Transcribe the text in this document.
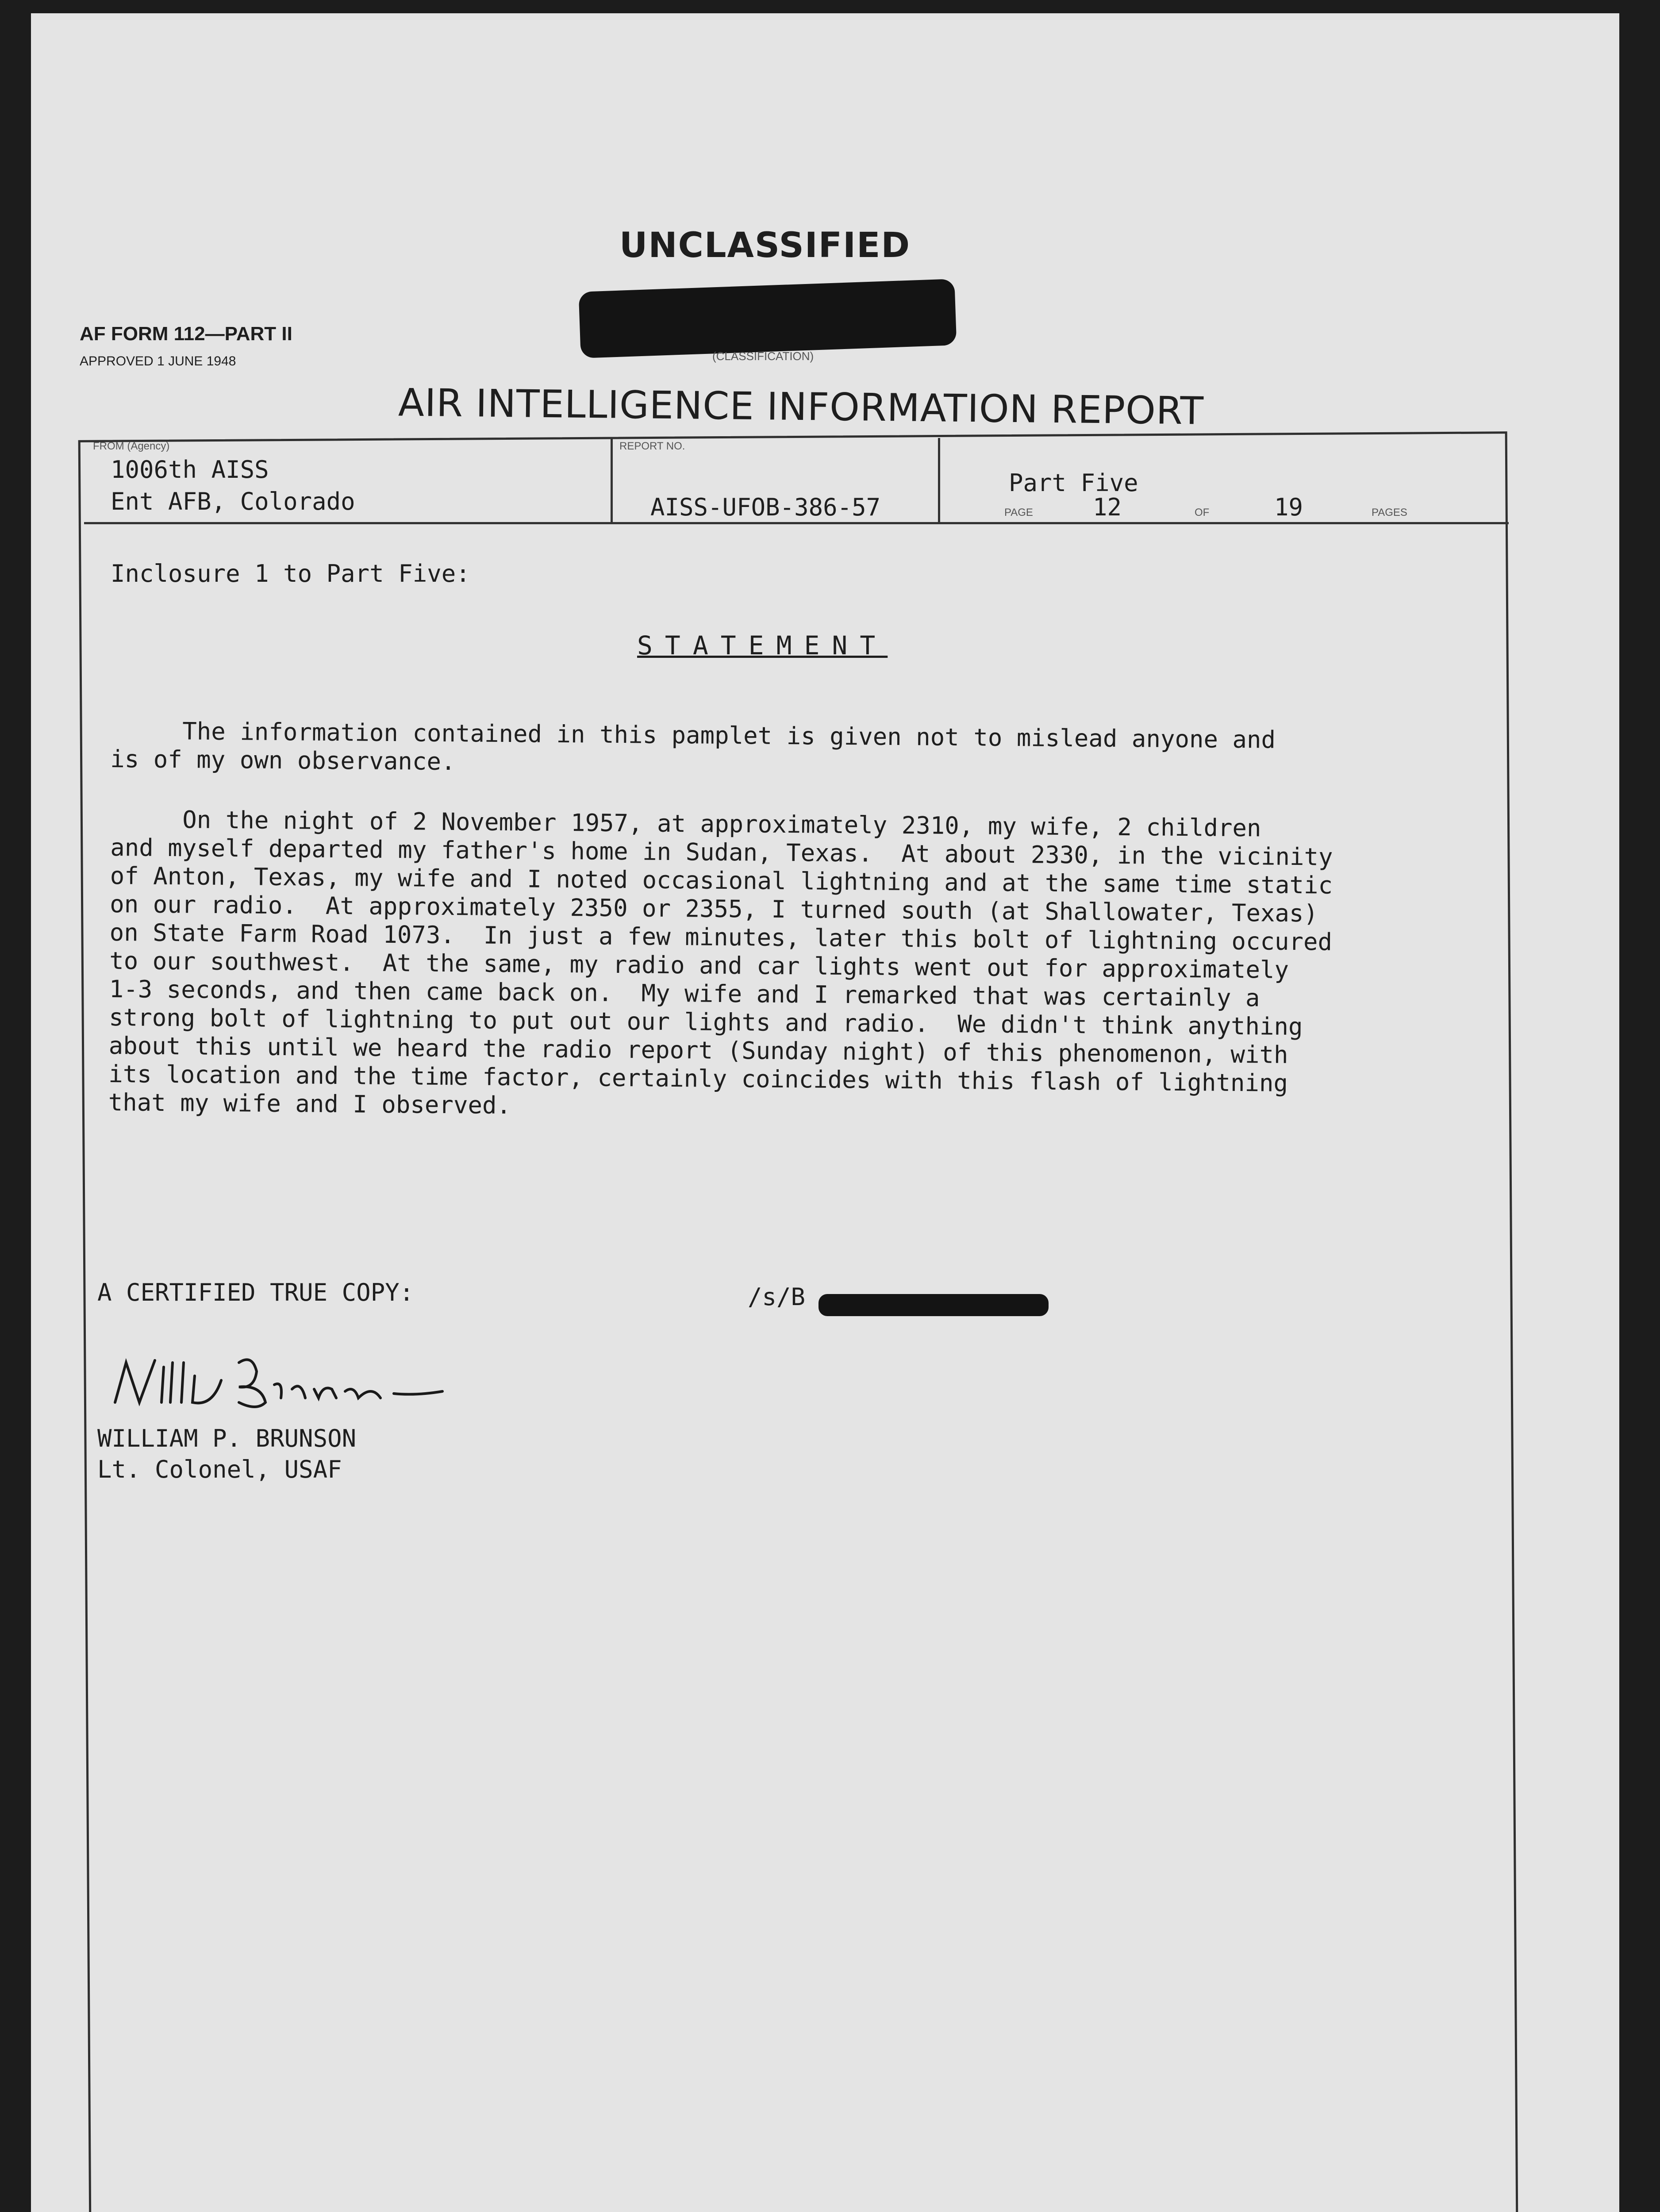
UNCLASSIFIED
(CLASSIFICATION)
AF FORM 112—PART II
APPROVED 1 JUNE 1948
AIR INTELLIGENCE INFORMATION REPORT
FROM (Agency)
1006th AISS
Ent AFB, Colorado
REPORT NO.
AISS-UFOB-386-57
Part Five
PAGE	12	OF	19	PAGES
Inclosure 1 to Part Five:
STATEMENT
The information contained in this pamplet is given not to mislead anyone and
is of my own observance.
On the night of 2 November 1957, at approximately 2310, my wife, 2 children
and myself departed my father's home in Sudan, Texas.  At about 2330, in the vicinity
of Anton, Texas, my wife and I noted occasional lightning and at the same time static
on our radio.  At approximately 2350 or 2355, I turned south (at Shallowater, Texas)
on State Farm Road 1073.  In just a few minutes, later this bolt of lightning occured
to our southwest.  At the same, my radio and car lights went out for approximately
1-3 seconds, and then came back on.  My wife and I remarked that was certainly a
strong bolt of lightning to put out our lights and radio.  We didn't think anything
about this until we heard the radio report (Sunday night) of this phenomenon, with
its location and the time factor, certainly coincides with this flash of lightning
that my wife and I observed.
A CERTIFIED TRUE COPY:	/s/B
WILLIAM P. BRUNSON
Lt. Colonel, USAF
